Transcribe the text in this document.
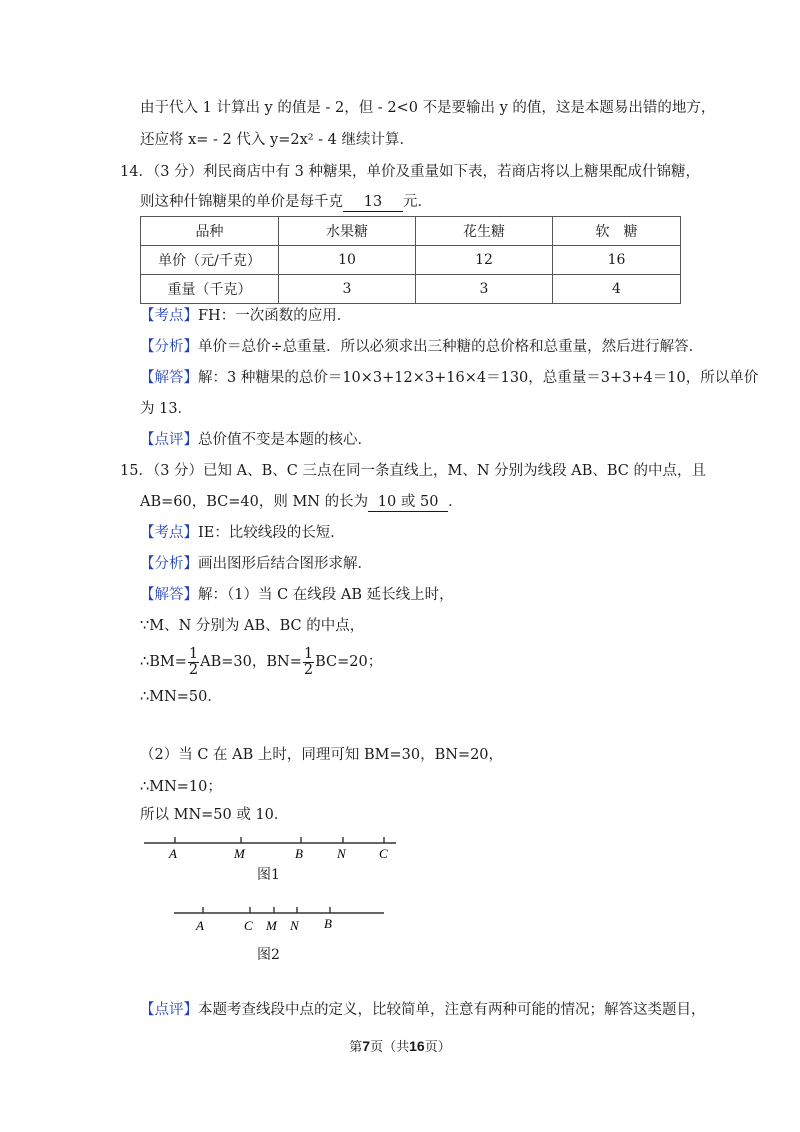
由于代入 1 计算出 y 的值是 - 2，但 - 2<0 不是要输出 y 的值，这是本题易出错的地方，
还应将 x= - 2 代入 y=2x² - 4 继续计算．
14．（3 分）利民商店中有 3 种糖果，单价及重量如下表，若商店将以上糖果配成什锦糖，
则这种什锦糖果的单价是每千克 13 元．
品种	水果糖	花生糖	软　糖
单价（元/千克）	10	12	16
重量（千克）	3	3	4
【考点】FH：一次函数的应用．
【分析】单价＝总价÷总重量．所以必须求出三种糖的总价格和总重量，然后进行解答．
【解答】解：3 种糖果的总价＝10×3+12×3+16×4＝130，总重量＝3+3+4＝10，所以单价
为 13．
【点评】总价值不变是本题的核心．
15．（3 分）已知 A、B、C 三点在同一条直线上，M、N 分别为线段 AB、BC 的中点，且
AB=60，BC=40，则 MN 的长为 10 或 50 ．
【考点】IE：比较线段的长短．
【分析】画出图形后结合图形求解．
【解答】解：（1）当 C 在线段 AB 延长线上时，
∵M、N 分别为 AB、BC 的中点，
∴BM= $\frac{1}{2} AB=30$，$BN= \frac{1}{2} BC=20$；
∴MN=50．
（2）当 C 在 AB 上时，同理可知 BM=30，BN=20，
∴MN=10；
所以 MN=50 或 10．
A	M	B	N	C
图1
A	C M N B
图2
【点评】本题考查线段中点的定义，比较简单，注意有两种可能的情况；解答这类题目，
第7页（共16页）
